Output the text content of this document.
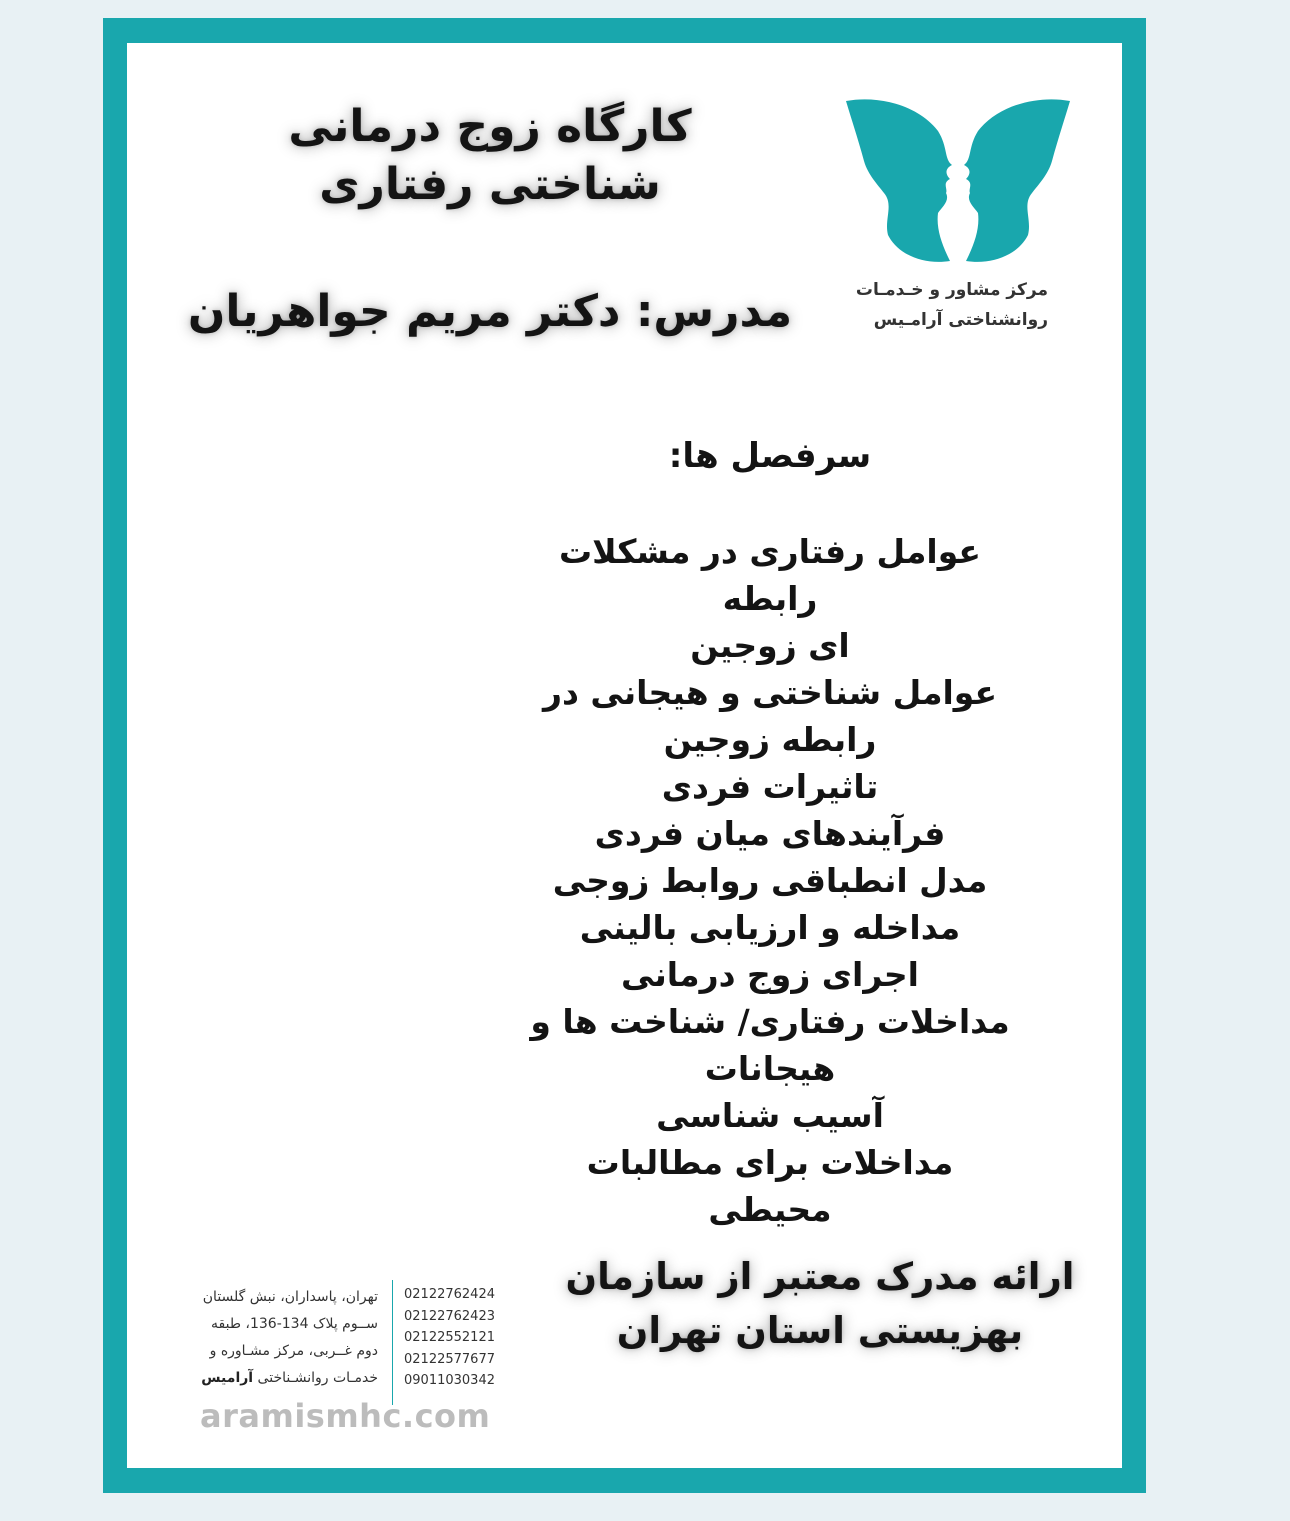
کارگاه زوج درمانی
شناختی رفتاری
مدرس: دکتر مریم جواهریان	مرکز مشاور و خـدمـات
روانشناختی آرامـیس
سرفصل ها:
عوامل رفتاری در مشکلات رابطه
ای زوجین
عوامل شناختی و هیجانی در
رابطه زوجین
تاثیرات فردی
فرآیندهای میان فردی
مدل انطباقی روابط زوجی
مداخله و ارزیابی بالینی
اجرای زوج درمانی
مداخلات رفتاری/ شناخت ها و
هیجانات
آسیب شناسی
مداخلات برای مطالبات محیطی
ارائه مدرک معتبر از سازمان
بهزیستی استان تهران
تهران، پاسداران، نبش گلستان
ســوم پلاک 134-136، طبقه
دوم غــربی، مرکز مشـاوره و
خدمـات روانشـناختی آرامیس
02122762424
02122762423
02122552121
02122577677
09011030342
aramismhc.com
